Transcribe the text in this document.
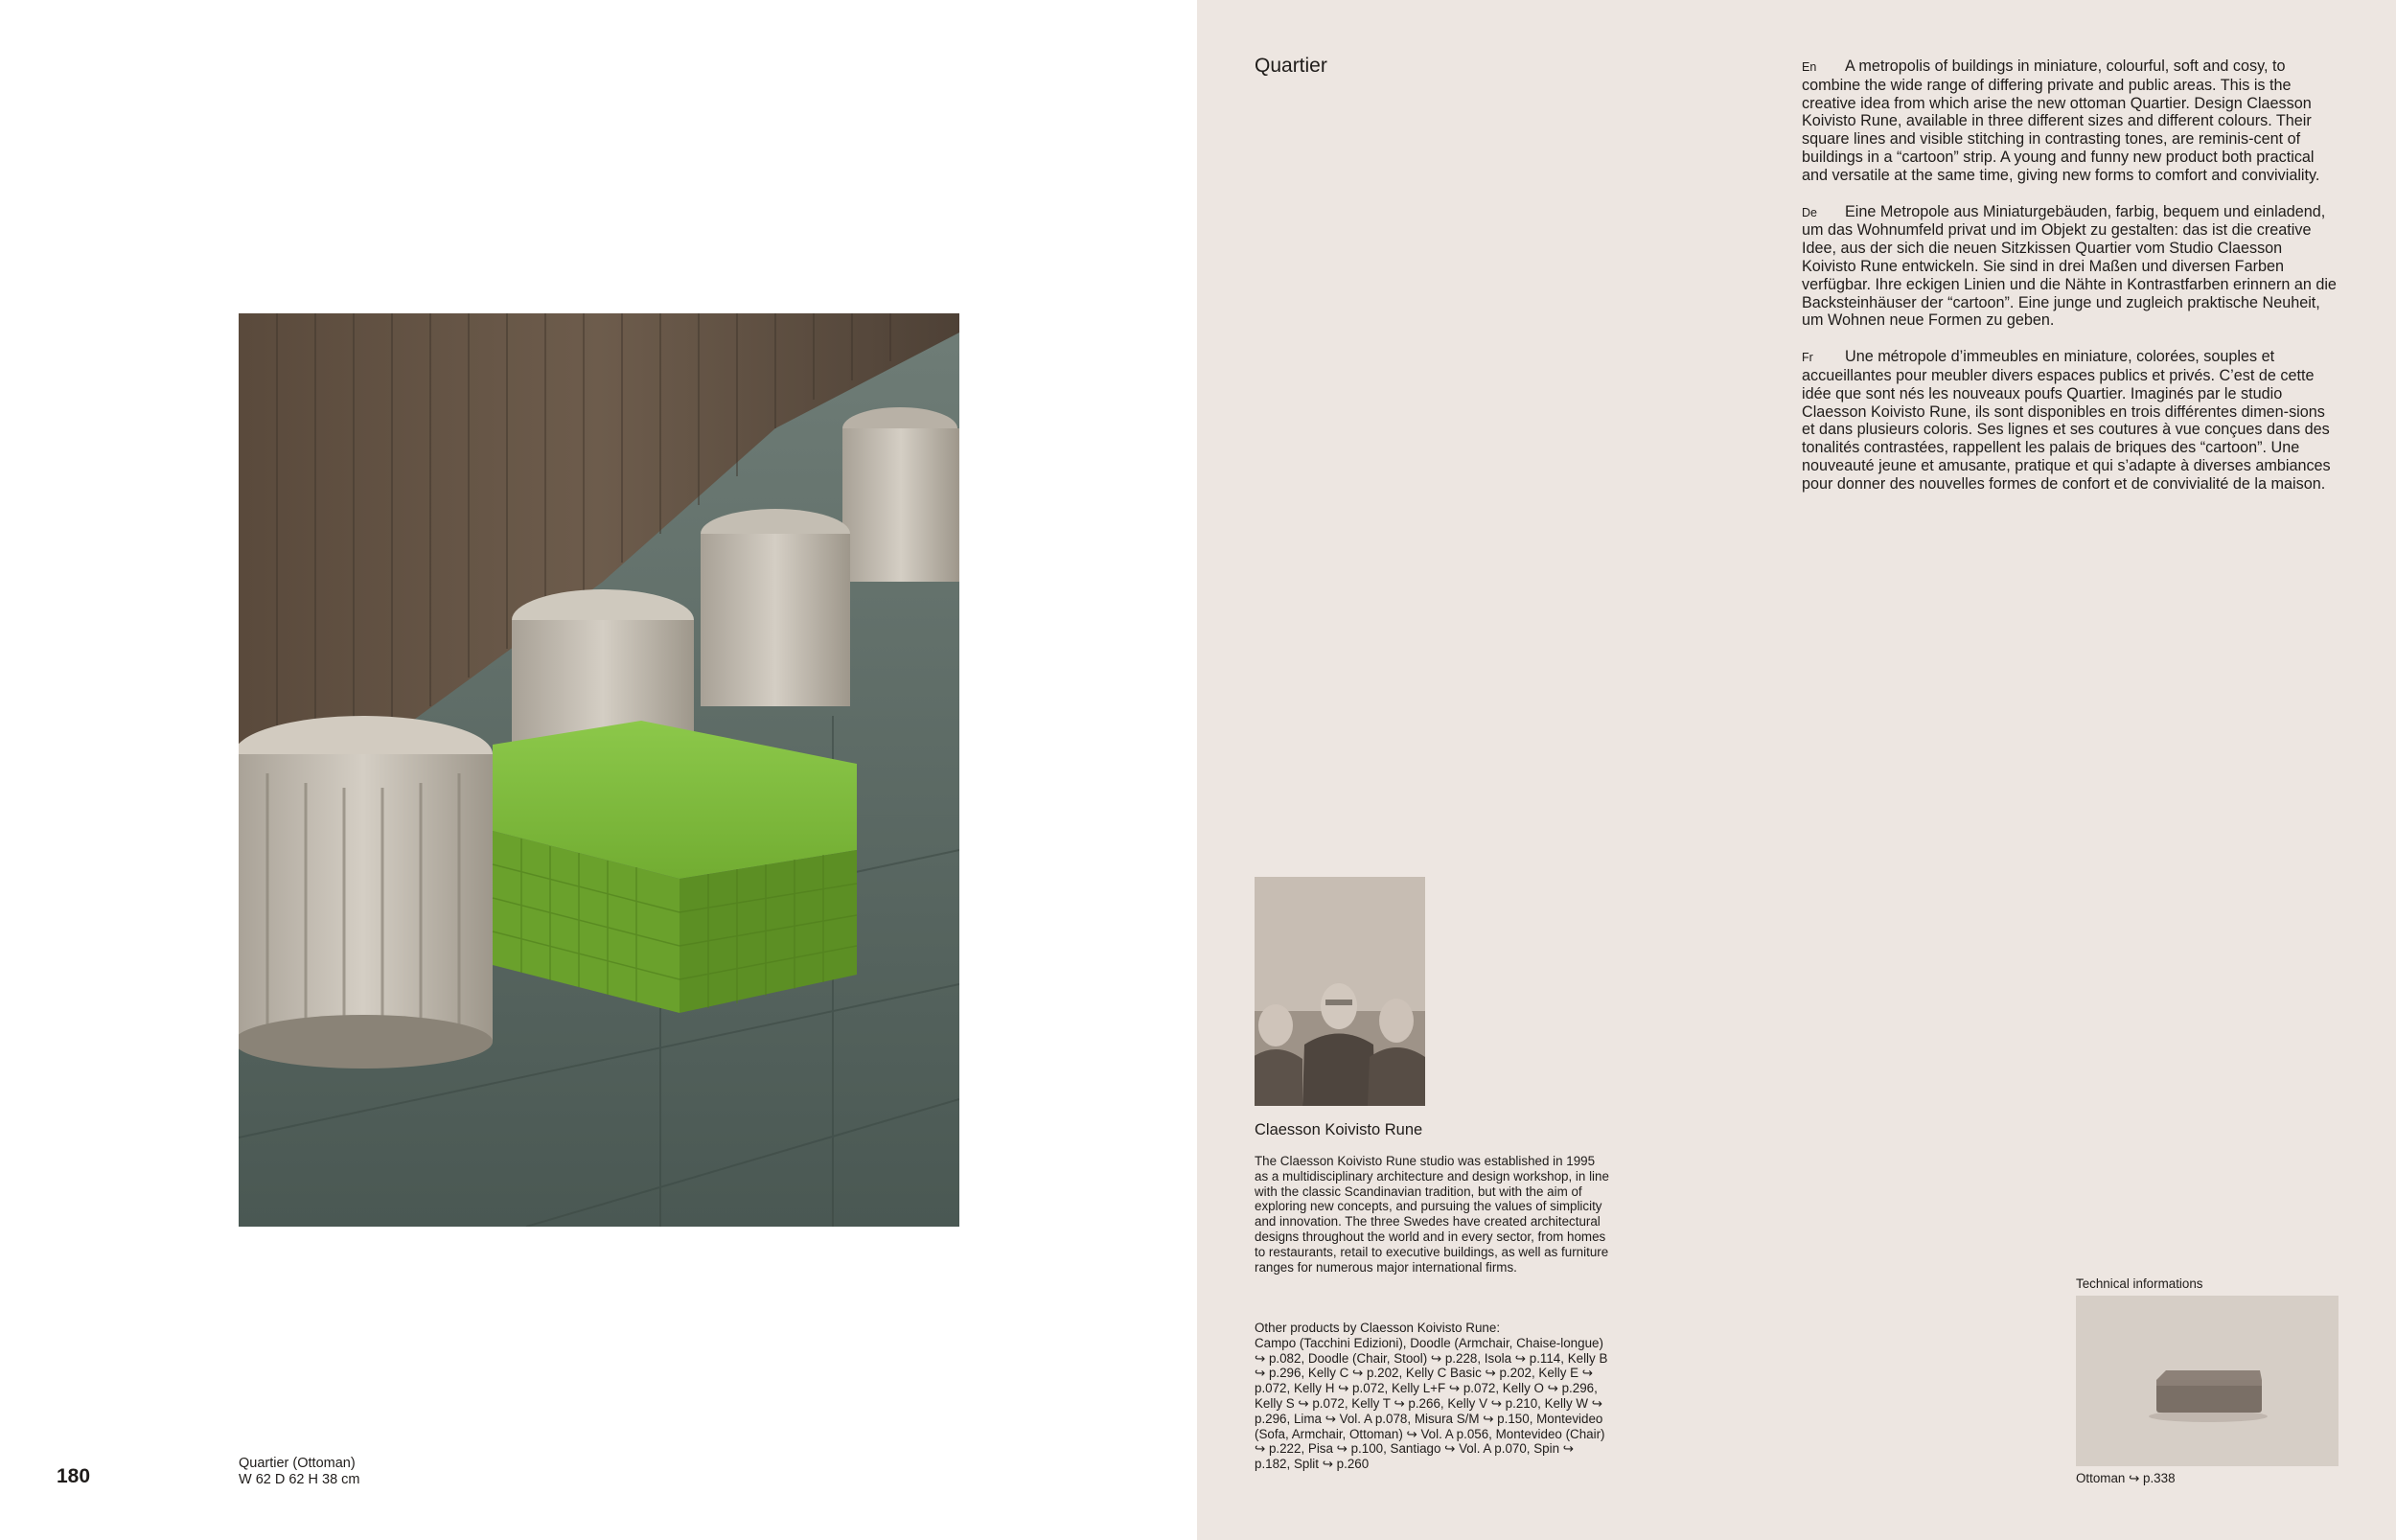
180
Quartier (Ottoman)
W 62 D 62 H 38 cm
Quartier	En A metropolis of buildings in miniature, colourful, soft and cosy, to combine the wide range of differing private and public areas. This is the creative idea from which arise the new ottoman Quartier. Design Claesson Koivisto Rune, available in three different sizes and different colours. Their square lines and visible stitching in contrasting tones, are reminis-cent of buildings in a “cartoon” strip. A young and funny new product both practical and versatile at the same time, giving new forms to comfort and conviviality.

De Eine Metropole aus Miniaturgebäuden, farbig, bequem und einladend, um das Wohnumfeld privat und im Objekt zu gestalten: das ist die creative Idee, aus der sich die neuen Sitzkissen Quartier vom Studio Claesson Koivisto Rune entwickeln. Sie sind in drei Maßen und diversen Farben verfügbar. Ihre eckigen Linien und die Nähte in Kontrastfarben erinnern an die Backsteinhäuser der “cartoon”. Eine junge und zugleich praktische Neuheit, um Wohnen neue Formen zu geben.

Fr Une métropole d’immeubles en miniature, colorées, souples et accueillantes pour meubler divers espaces publics et privés. C’est de cette idée que sont nés les nouveaux poufs Quartier. Imaginés par le studio Claesson Koivisto Rune, ils sont disponibles en trois différentes dimen-sions et dans plusieurs coloris. Ses lignes et ses coutures à vue conçues dans des tonalités contrastées, rappellent les palais de briques des “cartoon”. Une nouveauté jeune et amusante, pratique et qui s’adapte à diverses ambiances pour donner des nouvelles formes de confort et de convivialité de la maison.

Claesson Koivisto Rune
The Claesson Koivisto Rune studio was established in 1995 as a multidisciplinary architecture and design workshop, in line with the classic Scandinavian tradition, but with the aim of exploring new concepts, and pursuing the values of simplicity and innovation. The three Swedes have created architectural designs throughout the world and in every sector, from homes to restaurants, retail to executive buildings, as well as furniture ranges for numerous major international firms.
Other products by Claesson Koivisto Rune:
Campo (Tacchini Edizioni), Doodle (Armchair, Chaise-longue) ↪ p.082, Doodle (Chair, Stool) ↪ p.228, Isola ↪ p.114, Kelly B ↪ p.296, Kelly C ↪ p.202, Kelly C Basic ↪ p.202, Kelly E ↪ p.072, Kelly H ↪ p.072, Kelly L+F ↪ p.072, Kelly O ↪ p.296, Kelly S ↪ p.072, Kelly T ↪ p.266, Kelly V ↪ p.210, Kelly W ↪ p.296, Lima ↪ Vol. A p.078, Misura S/M ↪ p.150, Montevideo (Sofa, Armchair, Ottoman) ↪ Vol. A p.056, Montevideo (Chair) ↪ p.222, Pisa ↪ p.100, Santiago ↪ Vol. A p.070, Spin ↪ p.182, Split ↪ p.260
Technical informations
Ottoman ↪ p.338
